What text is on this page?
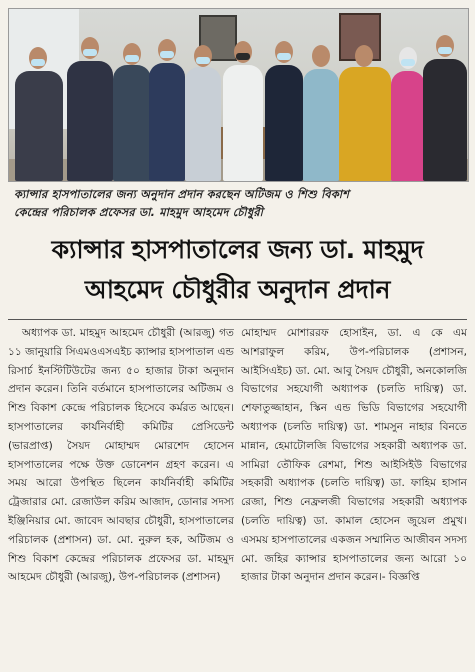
ক্যান্সার হাসপাতালের জন্য অনুদান প্রদান করছেন অটিজম ও শিশু বিকাশ
কেন্দ্রের পরিচালক প্রফেসর ডা. মাহমুদ আহমেদ চৌধুরী
ক্যান্সার হাসপাতালের জন্য ডা. মাহমুদ
আহমেদ চৌধুরীর অনুদান প্রদান
অধ্যাপক ডা. মাহমুদ আহমেদ চৌধুরী (আরজু) গত ১১ জানুয়ারি সিএমওএসএইচ ক্যান্সার হাসপাতাল এন্ড রিসার্চ ইনস্টিটিউটের জন্য ৫০ হাজার টাকা অনুদান প্রদান করেন। তিনি বর্তমানে হাসপাতালের অটিজম ও শিশু বিকাশ কেন্দ্রে পরিচালক হিসেবে কর্মরত আছেন। হাসপাতালের কার্যনির্বাহী কমিটির প্রেসিডেন্ট (ভারপ্রাপ্ত) সৈয়দ মোহাম্মদ মোরশেদ হোসেন হাসপাতালের পক্ষে উক্ত ডোনেশন গ্রহণ করেন। এ সময় আরো উপস্থিত ছিলেন কার্যনির্বাহী কমিটির ট্রেজারার মো. রেজাউল করিম আজাদ, ডোনার সদস্য ইঞ্জিনিয়ার মো. জাবেদ আবছার চৌধুরী, হাসপাতালের পরিচালক (প্রশাসন) ডা. মো. নুরুল হক, অটিজম ও শিশু বিকাশ কেন্দ্রের পরিচালক প্রফেসর ডা. মাহমুদ আহমেদ চৌধুরী (আরজু), উপ-পরিচালক (প্রশাসন)
মোহাম্মদ মোশাররফ হোসাইন, ডা. এ কে এম আশরাফুল করিম, উপ-পরিচালক (প্রশাসন, আইসিএইচ) ডা. মো. আবু সৈয়দ চৌধুরী, অনকোলজি বিভাগের সহযোগী অধ্যাপক (চলতি দায়িত্ব) ডা. শেফাতুজ্জাহান, স্কিন এন্ড ভিডি বিভাগের সহযোগী অধ্যাপক (চলতি দায়িত্ব) ডা. শামসুন নাহার বিনতে মান্নান, হেমাটোলজি বিভাগের সহকারী অধ্যাপক ডা. সামিরা তৌফিক রেশমা, শিশু আইসিইউ বিভাগের সহকারী অধ্যাপক (চলতি দায়িত্ব) ডা. ফাহিম হাসান রেজা, শিশু নেফ্রলজী বিভাগের সহকারী অধ্যাপক (চলতি দায়িত্ব) ডা. কামাল হোসেন জুয়েল প্রমুখ। এসময় হাসপাতালের একজন সম্মানিত আজীবন সদস্য মো. জহির ক্যান্সার হাসপাতালের জন্য আরো ১০ হাজার টাকা অনুদান প্রদান করেন।- বিজ্ঞপ্তি
